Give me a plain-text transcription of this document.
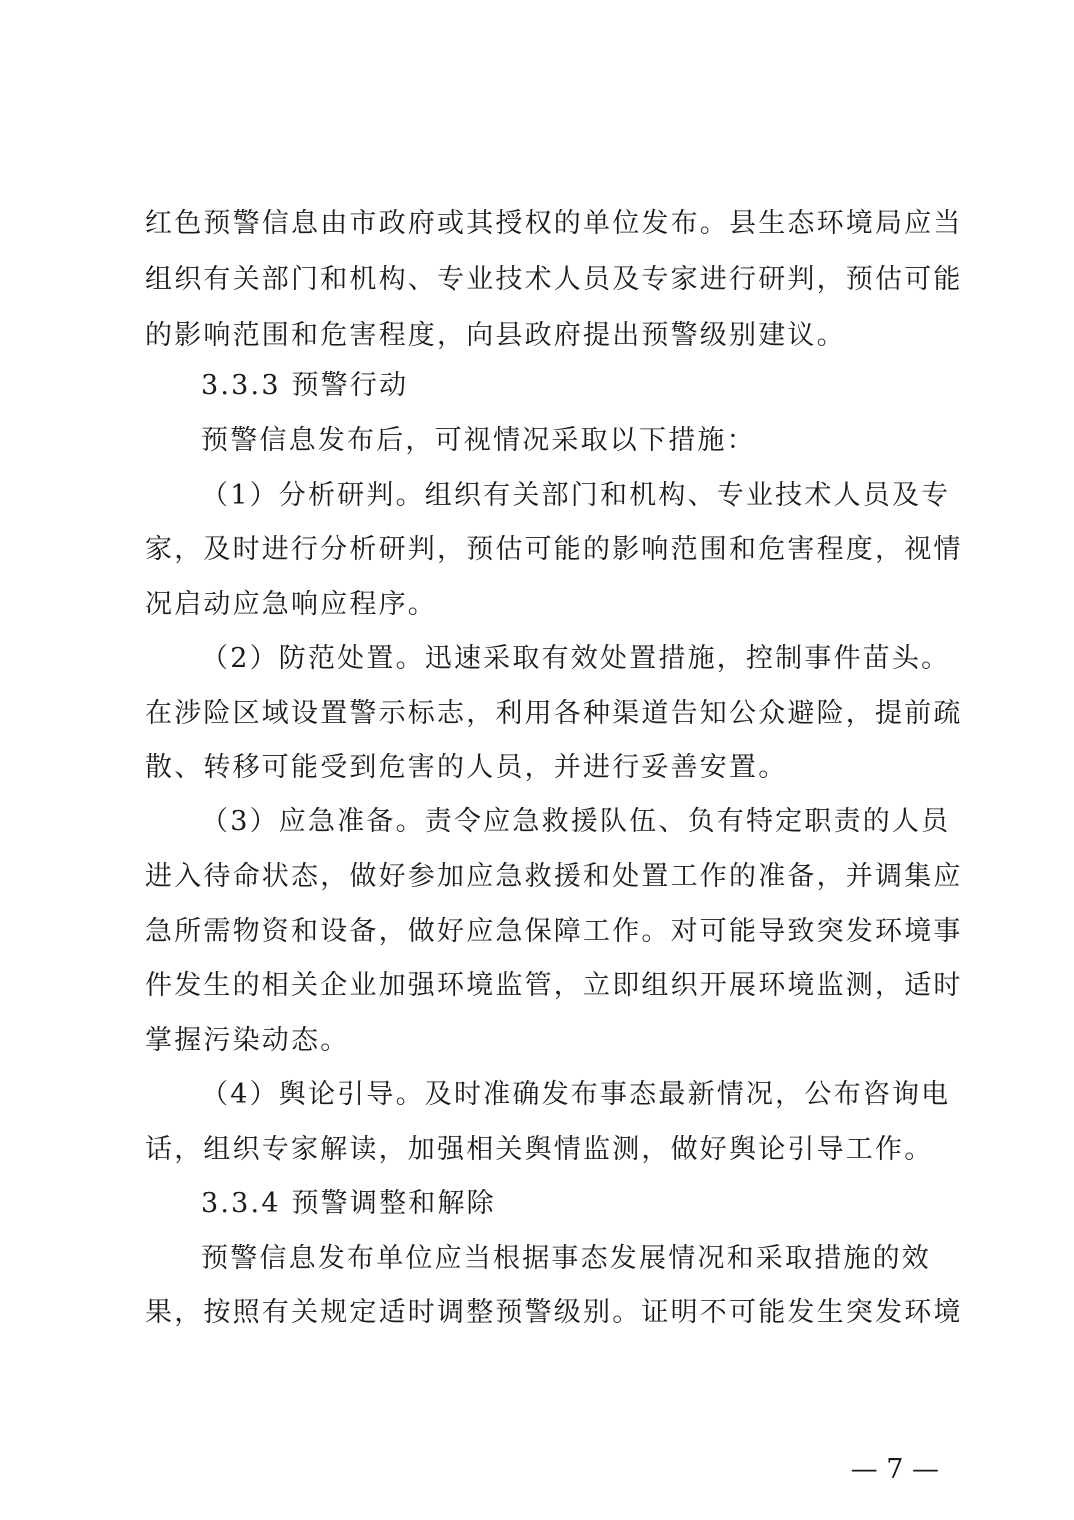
红色预警信息由市政府或其授权的单位发布。县生态环境局应当

组织有关部门和机构、专业技术人员及专家进行研判，预估可能

的影响范围和危害程度，向县政府提出预警级别建议。

3.3.3 预警行动

预警信息发布后，可视情况采取以下措施：

（1）分析研判。组织有关部门和机构、专业技术人员及专

家，及时进行分析研判，预估可能的影响范围和危害程度，视情

况启动应急响应程序。

（2）防范处置。迅速采取有效处置措施，控制事件苗头。

在涉险区域设置警示标志，利用各种渠道告知公众避险，提前疏

散、转移可能受到危害的人员，并进行妥善安置。

（3）应急准备。责令应急救援队伍、负有特定职责的人员

进入待命状态，做好参加应急救援和处置工作的准备，并调集应

急所需物资和设备，做好应急保障工作。对可能导致突发环境事

件发生的相关企业加强环境监管，立即组织开展环境监测，适时

掌握污染动态。

（4）舆论引导。及时准确发布事态最新情况，公布咨询电

话，组织专家解读，加强相关舆情监测，做好舆论引导工作。

3.3.4 预警调整和解除

预警信息发布单位应当根据事态发展情况和采取措施的效

果，按照有关规定适时调整预警级别。证明不可能发生突发环境

— 7 —
